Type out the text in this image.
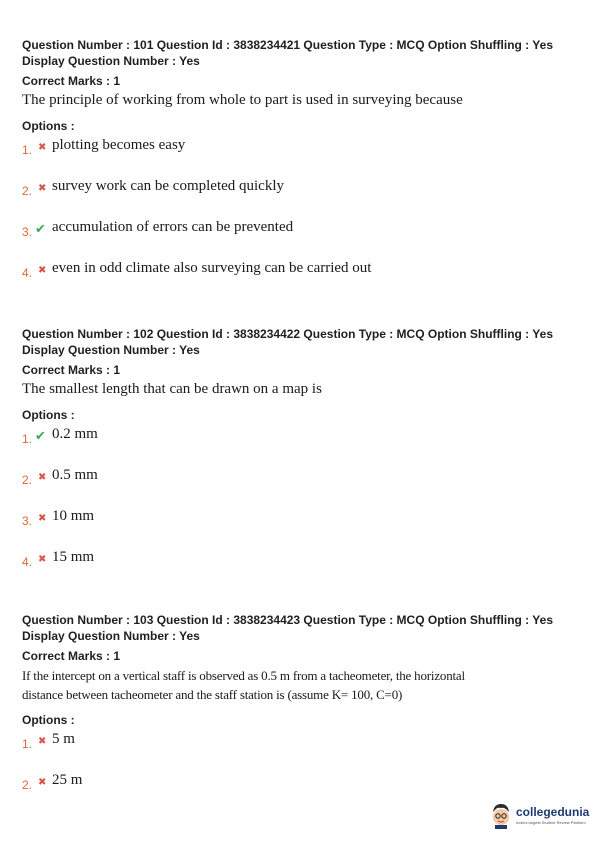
Question Number : 101 Question Id : 3838234421 Question Type : MCQ Option Shuffling : Yes
Display Question Number : Yes
Correct Marks : 1
The principle of working from whole to part is used in surveying because
Options :
1. ✖ plotting becomes easy
2. ✖ survey work can be completed quickly
3. ✔ accumulation of errors can be prevented
4. ✖ even in odd climate also surveying can be carried out
Question Number : 102 Question Id : 3838234422 Question Type : MCQ Option Shuffling : Yes
Display Question Number : Yes
Correct Marks : 1
The smallest length that can be drawn on a map is
Options :
1. ✔ 0.2 mm
2. ✖ 0.5 mm
3. ✖ 10 mm
4. ✖ 15 mm
Question Number : 103 Question Id : 3838234423 Question Type : MCQ Option Shuffling : Yes
Display Question Number : Yes
Correct Marks : 1
If the intercept on a vertical staff is observed as 0.5 m from a tacheometer, the horizontal
distance between tacheometer and the staff station is (assume K= 100, C=0)
Options :
1. ✖ 5 m
2. ✖ 25 m
collegedunia
India's largest Student Review Platform
